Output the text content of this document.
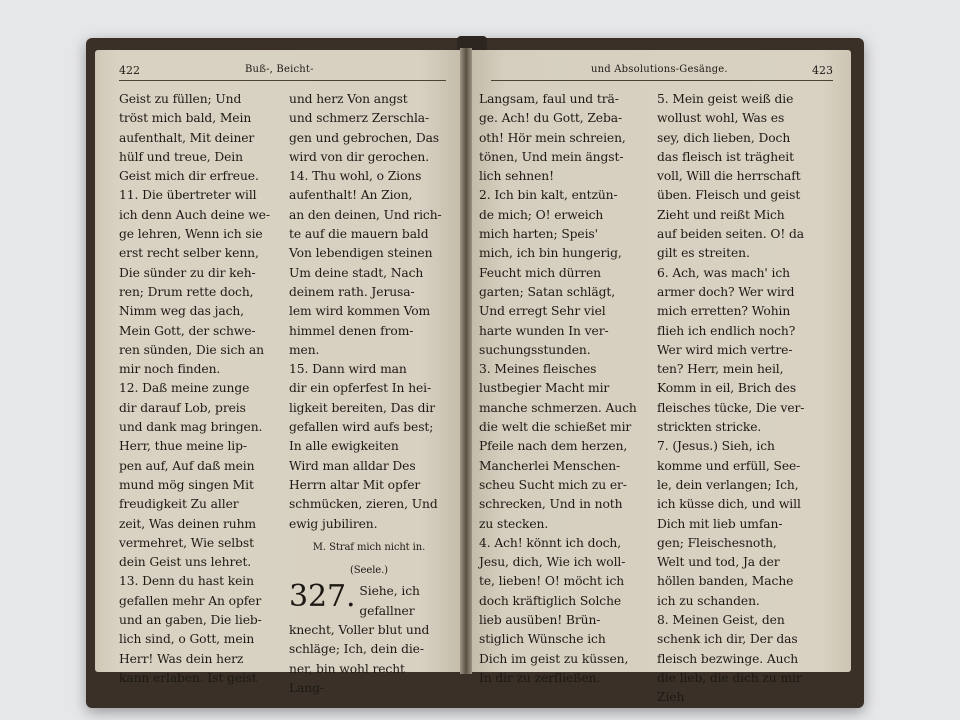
422	Buß-, Beicht-

Geist zu füllen; Und

tröst mich bald, Mein

aufenthalt, Mit deiner

hülf und treue, Dein

Geist mich dir erfreue.

11. Die übertreter will

ich denn Auch deine we-

ge lehren, Wenn ich sie

erst recht selber kenn,

Die sünder zu dir keh-

ren; Drum rette doch,

Nimm weg das jach,

Mein Gott, der schwe-

ren sünden, Die sich an

mir noch finden.

12. Daß meine zunge

dir darauf Lob, preis

und dank mag bringen.

Herr, thue meine lip-

pen auf, Auf daß mein

mund mög singen Mit

freudigkeit Zu aller

zeit, Was deinen ruhm

vermehret, Wie selbst

dein Geist uns lehret.

13. Denn du hast kein

gefallen mehr An opfer

und an gaben, Die lieb-

lich sind, o Gott, mein

Herr! Was dein herz

kann erlaben. Ist geist

und herz Von angst

und schmerz Zerschla-

gen und gebrochen, Das

wird von dir gerochen.

14. Thu wohl, o Zions

aufenthalt! An Zion,

an den deinen, Und rich-

te auf die mauern bald

Von lebendigen steinen

Um deine stadt, Nach

deinem rath. Jerusa-

lem wird kommen Vom

himmel denen from-

men.

15. Dann wird man

dir ein opferfest In hei-

ligkeit bereiten, Das dir

gefallen wird aufs best;

In alle ewigkeiten

Wird man alldar Des

Herrn altar Mit opfer

schmücken, zieren, Und

ewig jubiliren.

M. Straf mich nicht in.
(Seele.)
327. Siehe, ich

gefallner

knecht, Voller blut und

schläge; Ich, dein die-

ner, bin wohl recht

Lang-

und Absolutions-Gesänge.	423

Langsam, faul und trä-

ge. Ach! du Gott, Zeba-

oth! Hör mein schreien,

tönen, Und mein ängst-

lich sehnen!

2. Ich bin kalt, entzün-

de mich; O! erweich

mich harten; Speis'

mich, ich bin hungerig,

Feucht mich dürren

garten; Satan schlägt,

Und erregt Sehr viel

harte wunden In ver-

suchungsstunden.

3. Meines fleisches

lustbegier Macht mir

manche schmerzen. Auch

die welt die schießet mir

Pfeile nach dem herzen,

Mancherlei Menschen-

scheu Sucht mich zu er-

schrecken, Und in noth

zu stecken.

4. Ach! könnt ich doch,

Jesu, dich, Wie ich woll-

te, lieben! O! möcht ich

doch kräftiglich Solche

lieb ausüben! Brün-

stiglich Wünsche ich

Dich im geist zu küssen,

In dir zu zerfließen.

5. Mein geist weiß die

wollust wohl, Was es

sey, dich lieben, Doch

das fleisch ist trägheit

voll, Will die herrschaft

üben. Fleisch und geist

Zieht und reißt Mich

auf beiden seiten. O! da

gilt es streiten.

6. Ach, was mach' ich

armer doch? Wer wird

mich erretten? Wohin

flieh ich endlich noch?

Wer wird mich vertre-

ten? Herr, mein heil,

Komm in eil, Brich des

fleisches tücke, Die ver-

strickten stricke.

7. (Jesus.) Sieh, ich

komme und erfüll, See-

le, dein verlangen; Ich,

ich küsse dich, und will

Dich mit lieb umfan-

gen; Fleischesnoth,

Welt und tod, Ja der

höllen banden, Mache

ich zu schanden.

8. Meinen Geist, den

schenk ich dir, Der das

fleisch bezwinge. Auch

die lieb, die dich zu mir

Zieh
